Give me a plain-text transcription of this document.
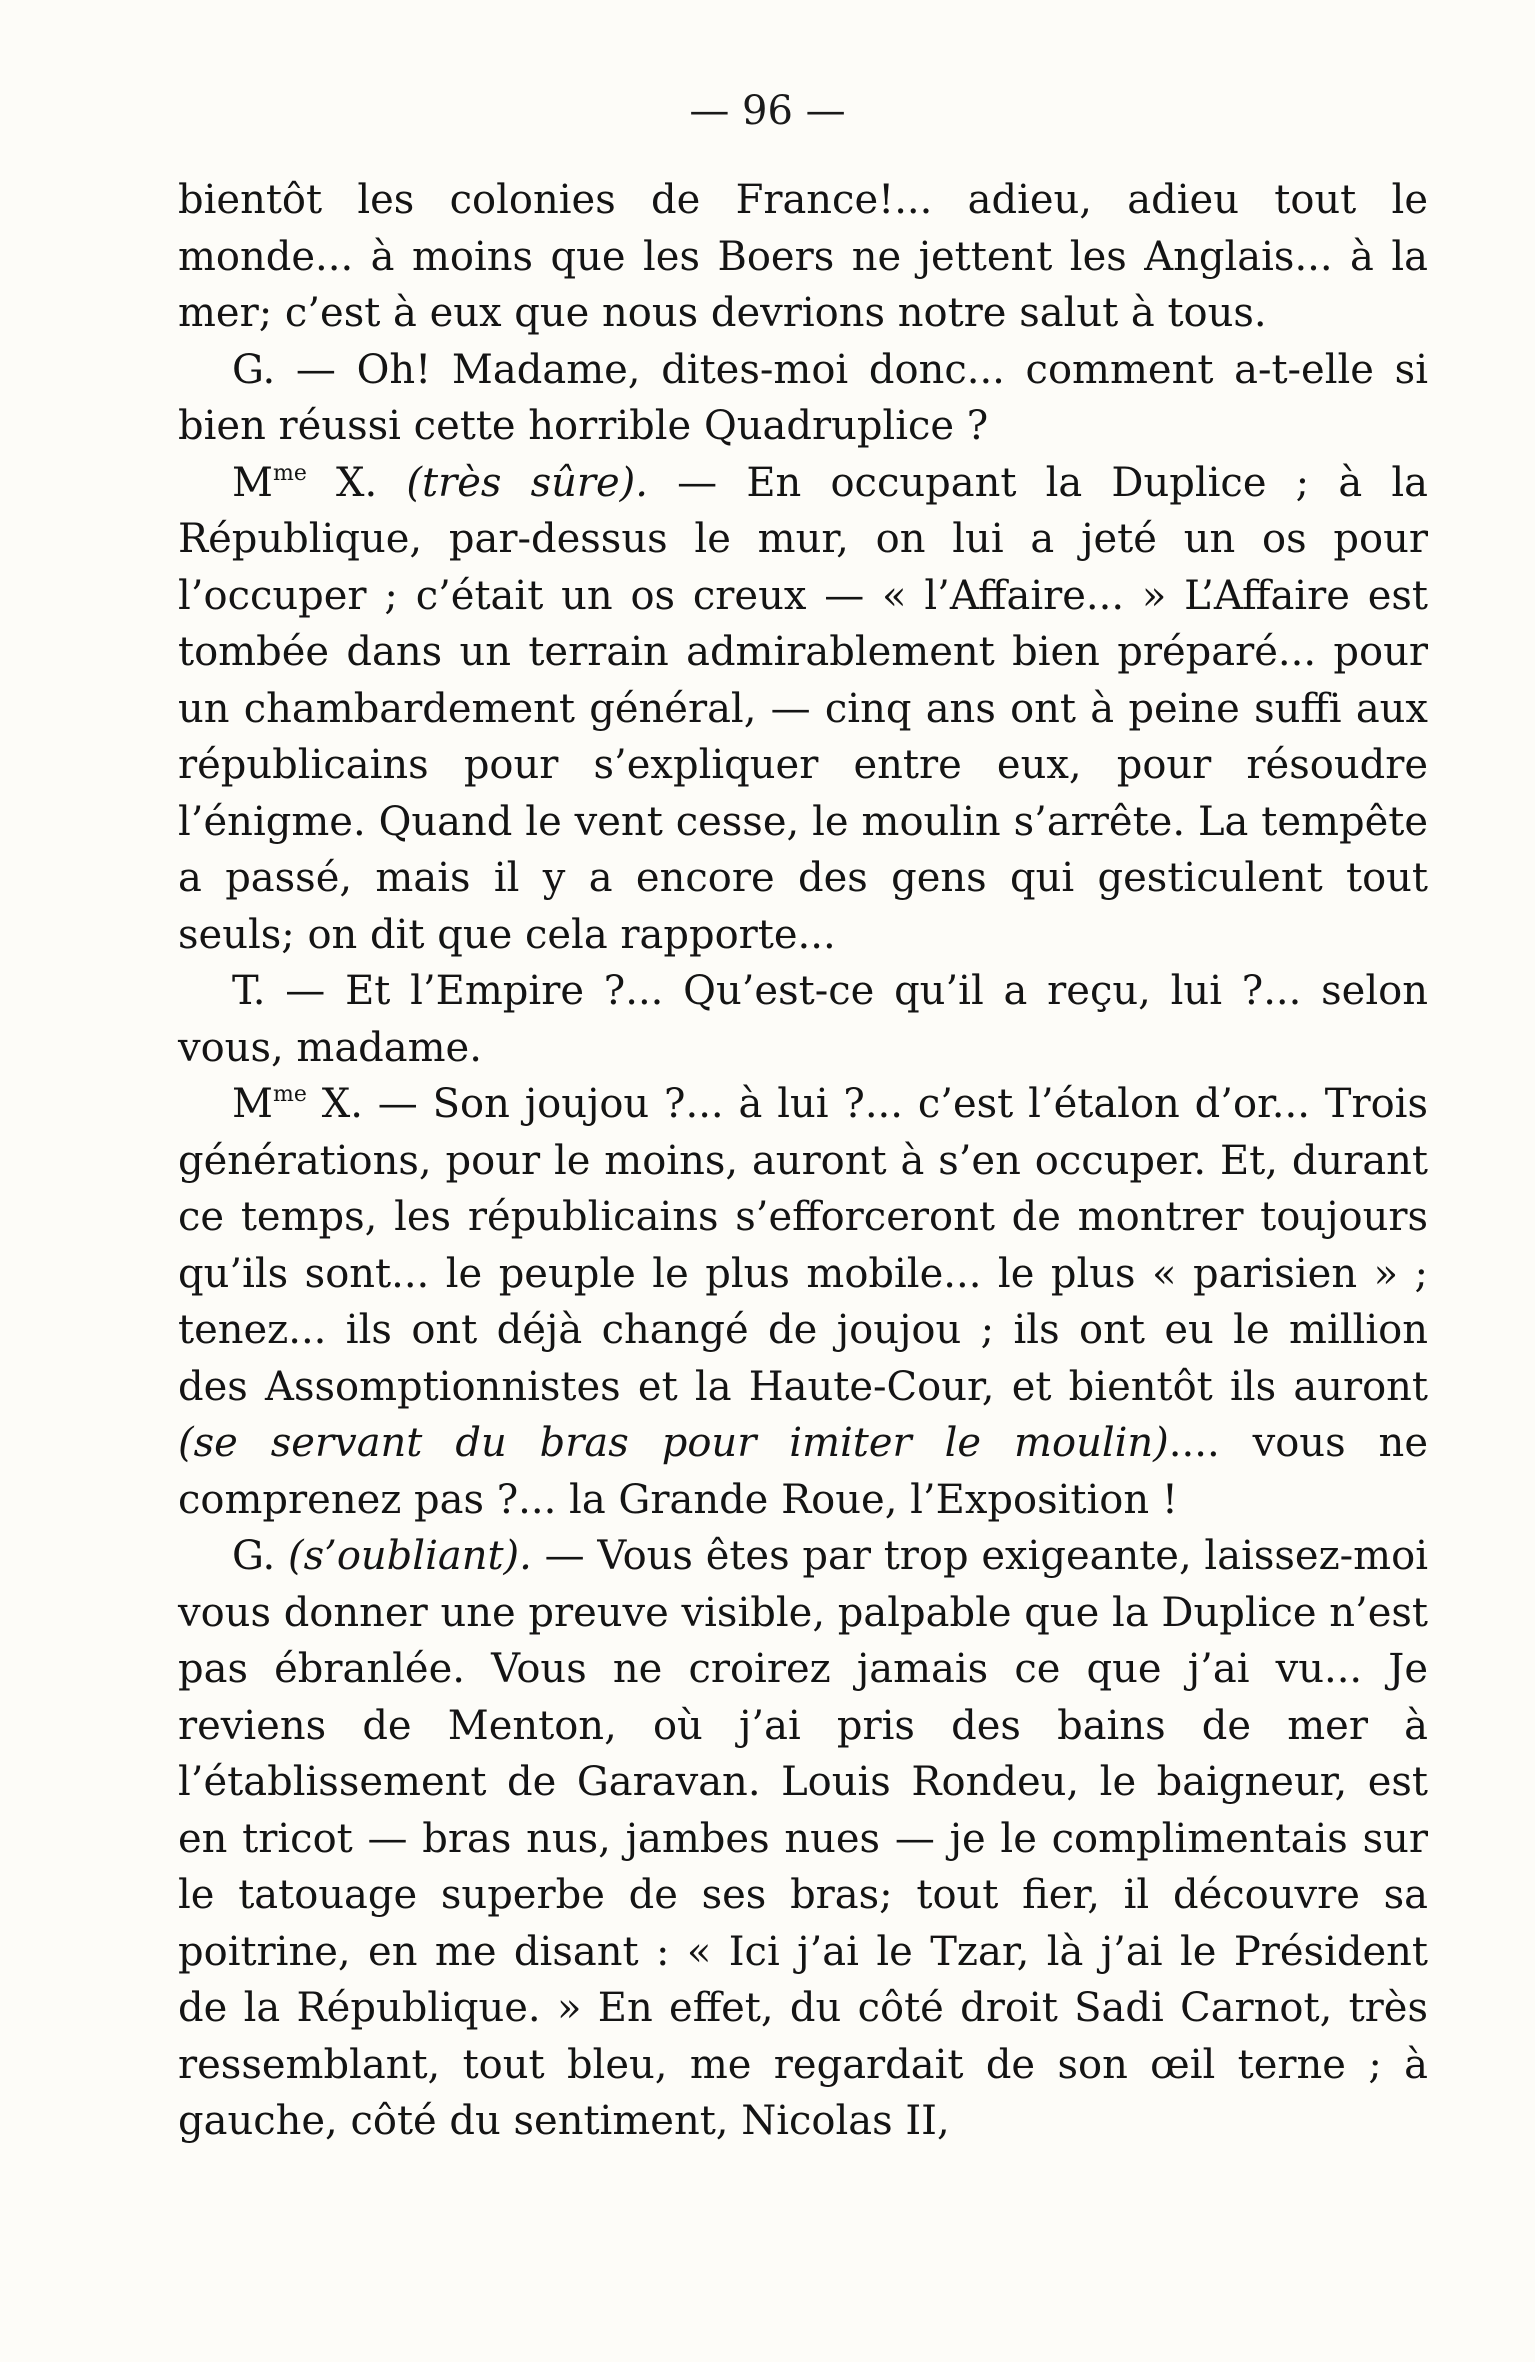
— 96 —

bientôt les colonies de France!... adieu, adieu tout le monde... à moins que les Boers ne jettent les Anglais... à la mer; c’est à eux que nous devrions notre salut à tous.

G. — Oh! Madame, dites-moi donc... comment a-t-elle si bien réussi cette horrible Quadruplice ?

$M^{me}$ X. (très sûre). — En occupant la Duplice ; à la République, par-dessus le mur, on lui a jeté un os pour l’occuper ; c’était un os creux — « l’Affaire... » L’Affaire est tombée dans un terrain admirablement bien préparé... pour un chambardement général, — cinq ans ont à peine suffi aux républicains pour s’expliquer entre eux, pour résoudre l’énigme. Quand le vent cesse, le moulin s’arrête. La tempête a passé, mais il y a encore des gens qui gesticulent tout seuls; on dit que cela rapporte...

T. — Et l’Empire ?... Qu’est-ce qu’il a reçu, lui ?... selon vous, madame.

$M^{me}$ X. — Son joujou ?... à lui ?... c’est l’étalon d’or... Trois générations, pour le moins, auront à s’en occuper. Et, durant ce temps, les républicains s’efforceront de montrer toujours qu’ils sont... le peuple le plus mobile... le plus « parisien » ; tenez... ils ont déjà changé de joujou ; ils ont eu le million des Assomptionnistes et la Haute-Cour, et bientôt ils auront (se servant du bras pour imiter le moulin).... vous ne comprenez pas ?... la Grande Roue, l’Exposition !

G. (s’oubliant). — Vous êtes par trop exigeante, laissez-moi vous donner une preuve visible, palpable que la Duplice n’est pas ébranlée. Vous ne croirez jamais ce que j’ai vu... Je reviens de Menton, où j’ai pris des bains de mer à l’établissement de Garavan. Louis Rondeu, le baigneur, est en tricot — bras nus, jambes nues — je le complimentais sur le tatouage superbe de ses bras; tout fier, il découvre sa poitrine, en me disant : « Ici j’ai le Tzar, là j’ai le Président de la République. » En effet, du côté droit Sadi Carnot, très ressemblant, tout bleu, me regardait de son œil terne ; à gauche, côté du sentiment, Nicolas II,
